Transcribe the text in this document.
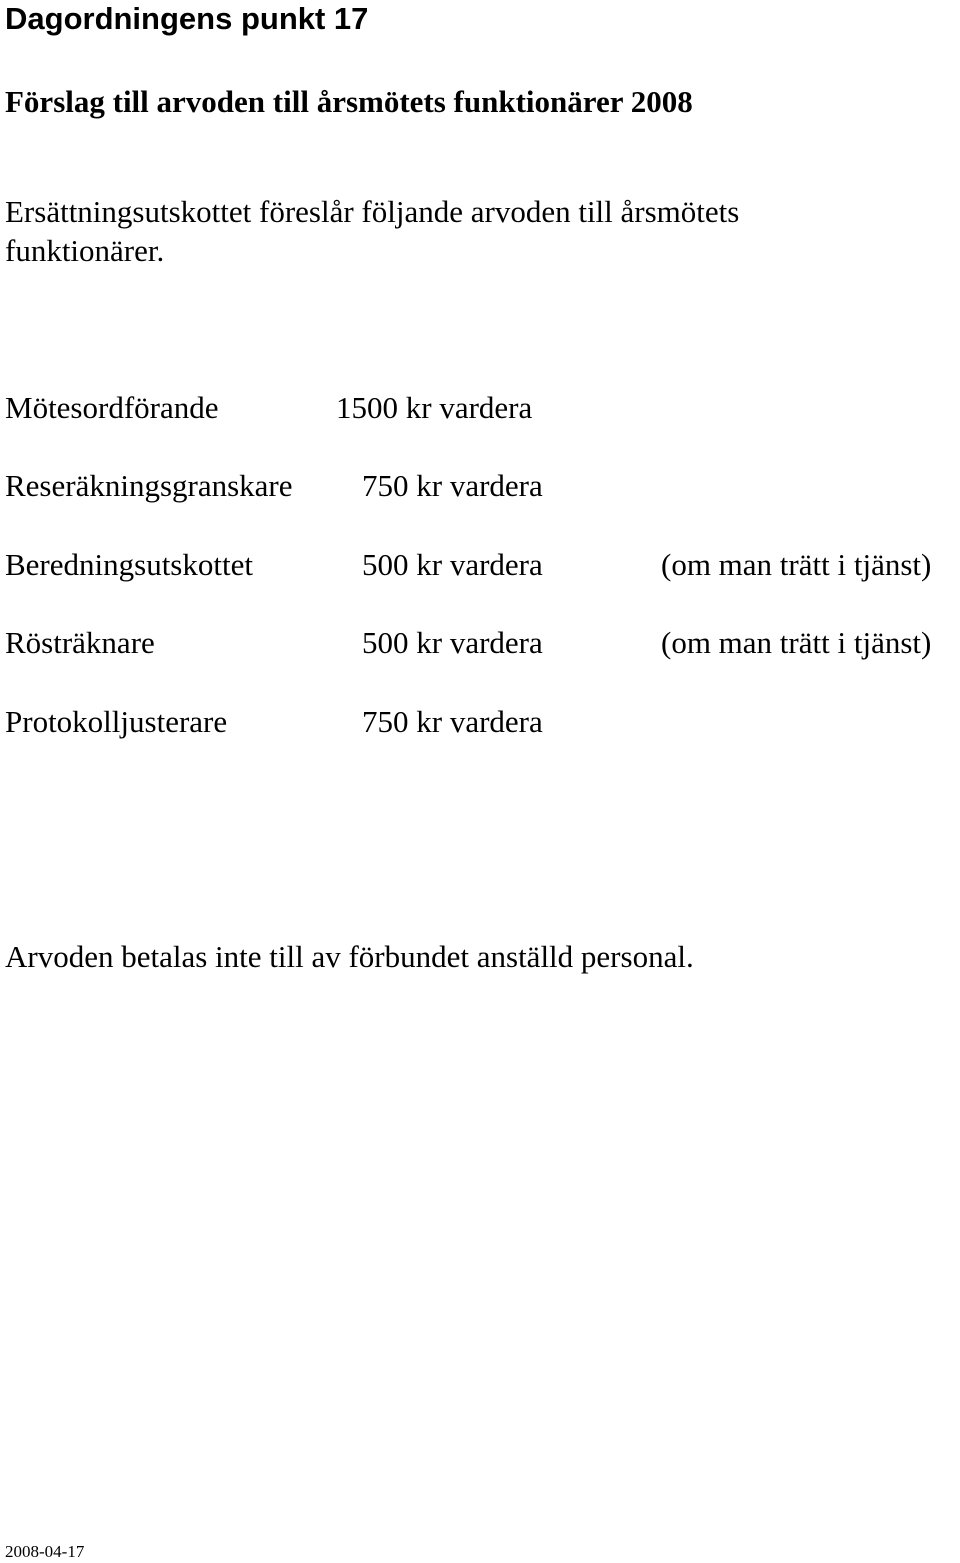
Dagordningens punkt 17
Förslag till arvoden till årsmötets funktionärer 2008
Ersättningsutskottet föreslår följande arvoden till årsmötets
funktionärer.
Mötesordförande	1500 kr vardera
Reseräkningsgranskare 750 kr vardera
Beredningsutskottet	500 kr vardera	(om man trätt i tjänst)
Rösträknare	500 kr vardera	(om man trätt i tjänst)
Protokolljusterare	750 kr vardera
Arvoden betalas inte till av förbundet anställd personal.
2008-04-17
